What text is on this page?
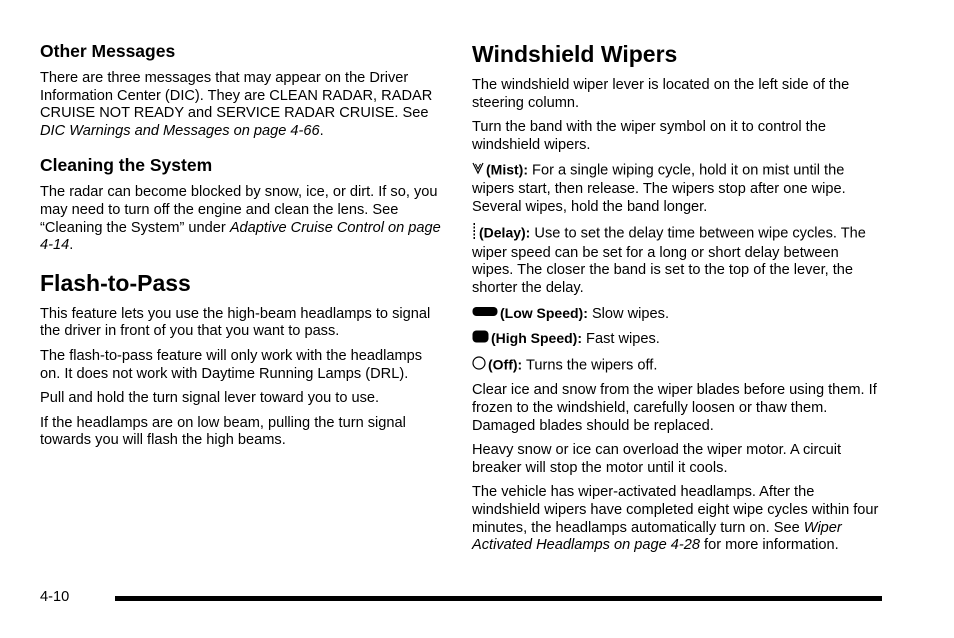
Other Messages

There are three messages that may appear on the Driver Information Center (DIC). They are CLEAN RADAR, RADAR CRUISE NOT READY and SERVICE RADAR CRUISE. See DIC Warnings and Messages on page 4-66.

Cleaning the System

The radar can become blocked by snow, ice, or dirt. If so, you may need to turn off the engine and clean the lens. See “Cleaning the System” under Adaptive Cruise Control on page 4-14.

Flash-to-Pass

This feature lets you use the high-beam headlamps to signal the driver in front of you that you want to pass.

The flash-to-pass feature will only work with the headlamps on. It does not work with Daytime Running Lamps (DRL).

Pull and hold the turn signal lever toward you to use.

If the headlamps are on low beam, pulling the turn signal towards you will flash the high beams.

Windshield Wipers

The windshield wiper lever is located on the left side of the steering column.

Turn the band with the wiper symbol on it to control the windshield wipers.

(Mist): For a single wiping cycle, hold it on mist until the wipers start, then release. The wipers stop after one wipe. Several wipes, hold the band longer.

(Delay): Use to set the delay time between wipe cycles. The wiper speed can be set for a long or short delay between wipes. The closer the band is set to the top of the lever, the shorter the delay.

(Low Speed): Slow wipes.

(High Speed): Fast wipes.

(Off): Turns the wipers off.

Clear ice and snow from the wiper blades before using them. If frozen to the windshield, carefully loosen or thaw them. Damaged blades should be replaced.

Heavy snow or ice can overload the wiper motor. A circuit breaker will stop the motor until it cools.

The vehicle has wiper-activated headlamps. After the windshield wipers have completed eight wipe cycles within four minutes, the headlamps automatically turn on. See Wiper Activated Headlamps on page 4-28 for more information.

4-10
